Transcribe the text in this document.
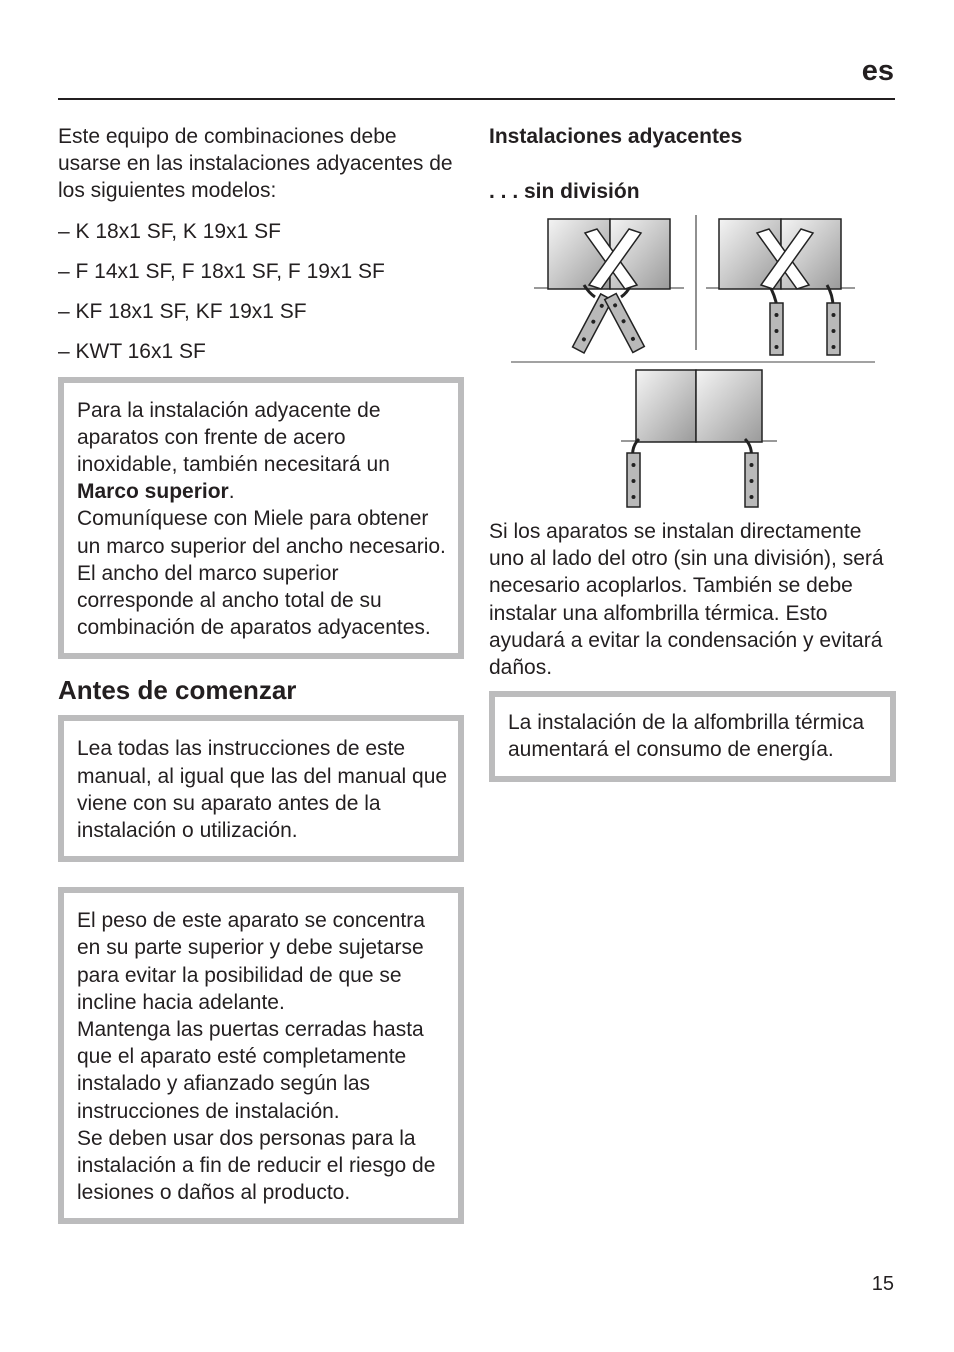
es

Este equipo de combinaciones debe usarse en las instalaciones adyacentes de los siguientes modelos:

– K 18x1 SF, K 19x1 SF
– F 14x1 SF, F 18x1 SF, F 19x1 SF
– KF 18x1 SF, KF 19x1 SF
– KWT 16x1 SF
Para la instalación adyacente de aparatos con frente de acero inoxidable, también necesitará un Marco superior.
Comuníquese con Miele para obtener un marco superior del ancho necesario. El ancho del marco superior corresponde al ancho total de su combinación de aparatos adyacentes.
Antes de comenzar
Lea todas las instrucciones de este manual, al igual que las del manual que viene con su aparato antes de la instalación o utilización.
El peso de este aparato se concentra en su parte superior y debe sujetarse para evitar la posibilidad de que se incline hacia adelante.
Mantenga las puertas cerradas hasta que el aparato esté completamente instalado y afianzado según las instrucciones de instalación.
Se deben usar dos personas para la instalación a fin de reducir el riesgo de lesiones o daños al producto.
Instalaciones adyacentes
. . . sin división

Si los aparatos se instalan directamente uno al lado del otro (sin una división), será necesario acoplarlos. También se debe instalar una alfombrilla térmica. Esto ayudará a evitar la condensación y evitará daños.

La instalación de la alfombrilla térmica aumentará el consumo de energía.
15
